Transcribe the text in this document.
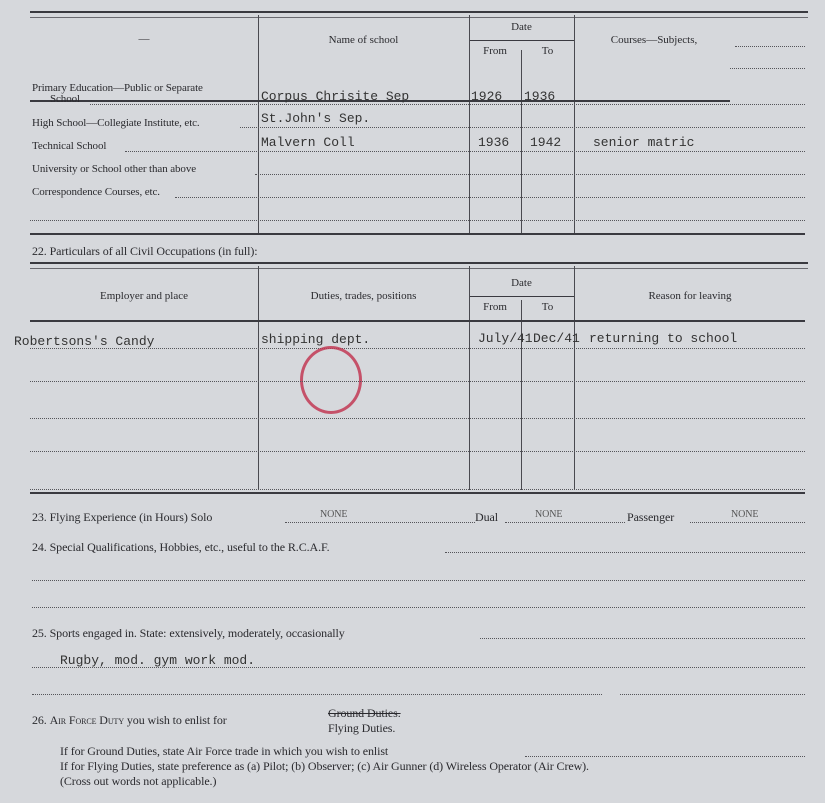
—	Name of school
Date
From	To
Courses—Subjects,
Primary Education—Public or Separate
School	Corpus Chrisite Sep	1926 1936
High School—Collegiate Institute, etc.	St.John's Sep.
Technical School	Malvern Coll	1936 1942 senior matric
University or School other than above
Correspondence Courses, etc.
22. Particulars of all Civil Occupations (in full):
Employer and place	Duties, trades, positions
Date
From	To
Reason for leaving
Robertsons's Candy	shipping dept.	July/41 Dec/41 returning to school
23. Flying Experience (in Hours) Solo	NONE	Dual	NONE	Passenger	NONE
24. Special Qualifications, Hobbies, etc., useful to the R.C.A.F.
25. Sports engaged in. State: extensively, moderately, occasionally
Rugby, mod. gym work mod.
26. Air Force Duty you wish to enlist for	Ground Duties.
Flying Duties.
If for Ground Duties, state Air Force trade in which you wish to enlist
If for Flying Duties, state preference as (a) Pilot; (b) Observer; (c) Air Gunner (d) Wireless Operator (Air Crew).
(Cross out words not applicable.)
